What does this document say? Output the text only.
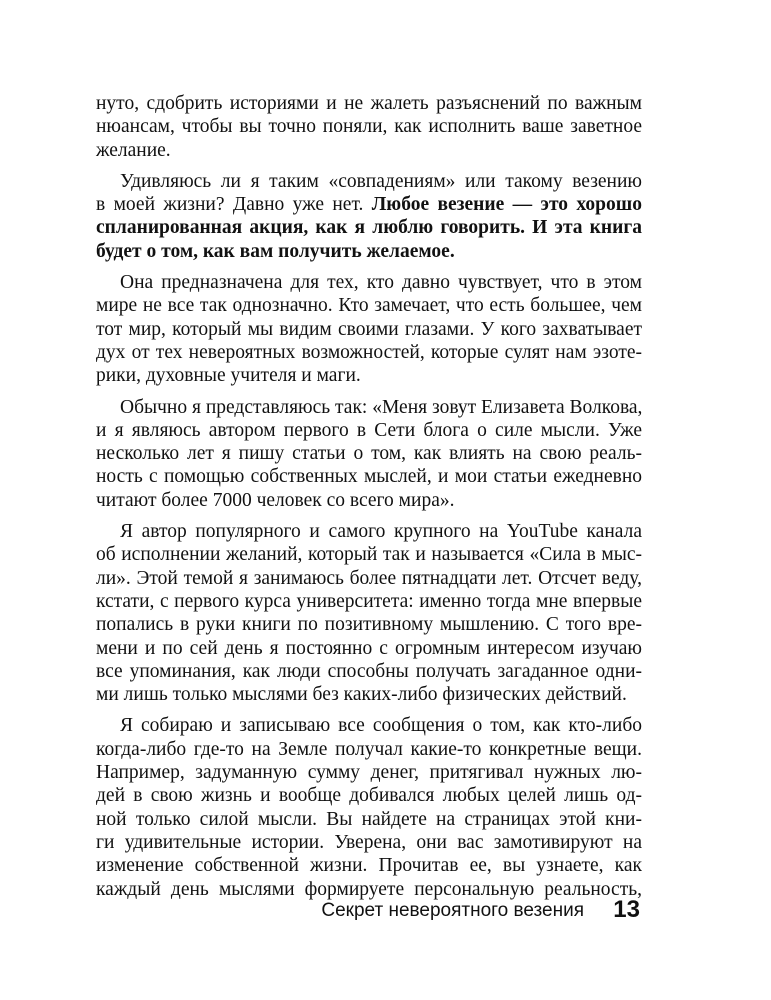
нуто, сдобрить историями и не жалеть разъяснений по важным
нюансам, чтобы вы точно поняли, как исполнить ваше заветное
желание.
Удивляюсь ли я таким «совпадениям» или такому везению
в моей жизни? Давно уже нет. Любое везение — это хорошо
спланированная акция, как я люблю говорить. И эта книга
будет о том, как вам получить желаемое.
Она предназначена для тех, кто давно чувствует, что в этом
мире не все так однозначно. Кто замечает, что есть большее, чем
тот мир, который мы видим своими глазами. У кого захватывает
дух от тех невероятных возможностей, которые сулят нам эзоте-
рики, духовные учителя и маги.
Обычно я представляюсь так: «Меня зовут Елизавета Волкова,
и я являюсь автором первого в Сети блога о силе мысли. Уже
несколько лет я пишу статьи о том, как влиять на свою реаль-
ность с помощью собственных мыслей, и мои статьи ежедневно
читают более 7000 человек со всего мира».
Я автор популярного и самого крупного на YouTube канала
об исполнении желаний, который так и называется «Сила в мыс-
ли». Этой темой я занимаюсь более пятнадцати лет. Отсчет веду,
кстати, с первого курса университета: именно тогда мне впервые
попались в руки книги по позитивному мышлению. С того вре-
мени и по сей день я постоянно с огромным интересом изучаю
все упоминания, как люди способны получать загаданное одни-
ми лишь только мыслями без каких-либо физических действий.
Я собираю и записываю все сообщения о том, как кто-либо
когда-либо где-то на Земле получал какие-то конкретные вещи.
Например, задуманную сумму денег, притягивал нужных лю-
дей в свою жизнь и вообще добивался любых целей лишь од-
ной только силой мысли. Вы найдете на страницах этой кни-
ги удивительные истории. Уверена, они вас замотивируют на
изменение собственной жизни. Прочитав ее, вы узнаете, как
каждый день мыслями формируете персональную реальность,
Секрет невероятного везения 13
